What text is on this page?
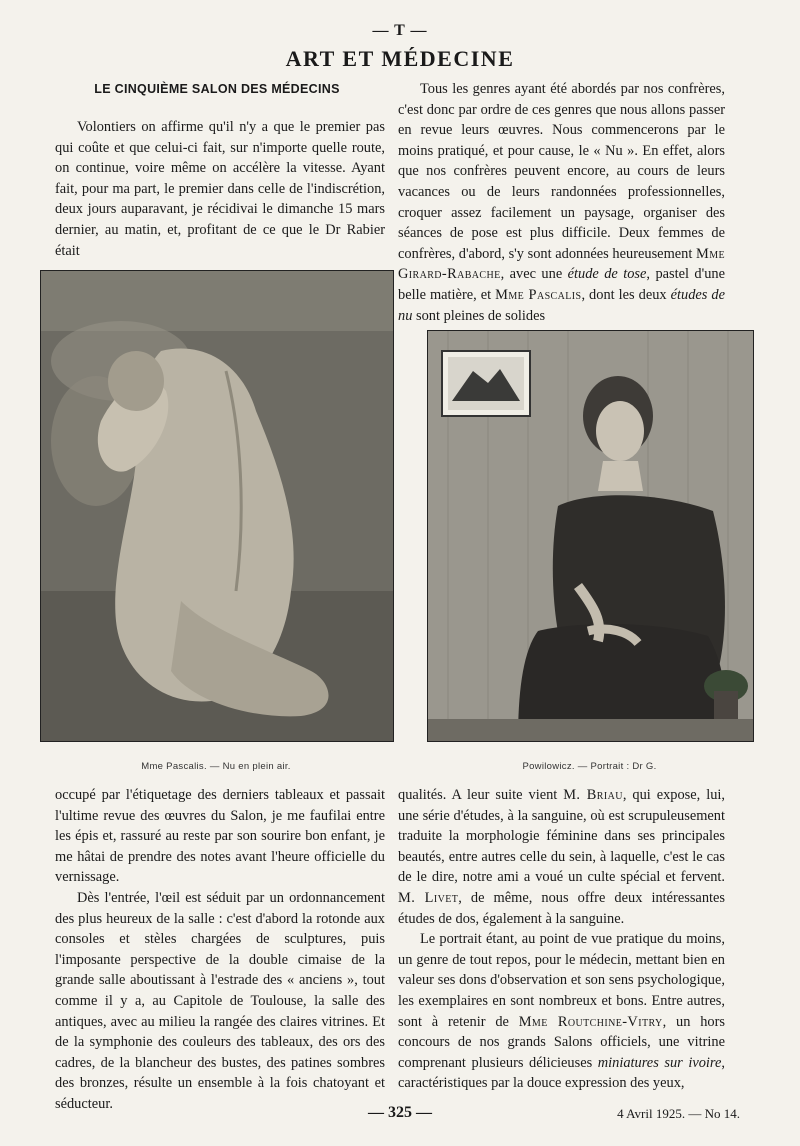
— T —
ART ET MÉDECINE
LE CINQUIÈME SALON DES MÉDECINS

Volontiers on affirme qu'il n'y a que le premier pas qui coûte et que celui-ci fait, sur n'importe quelle route, on continue, voire même on accélère la vitesse. Ayant fait, pour ma part, le premier dans celle de l'indiscrétion, deux jours auparavant, je récidivai le dimanche 15 mars dernier, au matin, et, profitant de ce que le Dr Rabier était

Tous les genres ayant été abordés par nos confrères, c'est donc par ordre de ces genres que nous allons passer en revue leurs œuvres. Nous commencerons par le moins pratiqué, et pour cause, le « Nu ». En effet, alors que nos confrères peuvent encore, au cours de leurs vacances ou de leurs randonnées professionnelles, croquer assez facilement un paysage, organiser des séances de pose est plus difficile. Deux femmes de confrères, d'abord, s'y sont adonnées heureusement Mme Girard-Rabache, avec une étude de tose, pastel d'une belle matière, et Mme Pascalis, dont les deux études de nu sont pleines de solides

Mme Pascalis. — Nu en plein air.	Powilowicz. — Portrait : Dr G.

occupé par l'étiquetage des derniers tableaux et passait l'ultime revue des œuvres du Salon, je me faufilai entre les épis et, rassuré au reste par son sourire bon enfant, je me hâtai de prendre des notes avant l'heure officielle du vernissage.

Dès l'entrée, l'œil est séduit par un ordonnancement des plus heureux de la salle : c'est d'abord la rotonde aux consoles et stèles chargées de sculptures, puis l'imposante perspective de la double cimaise de la grande salle aboutissant à l'estrade des « anciens », tout comme il y a, au Capitole de Toulouse, la salle des antiques, avec au milieu la rangée des claires vitrines. Et de la symphonie des couleurs des tableaux, des ors des cadres, de la blancheur des bustes, des patines sombres des bronzes, résulte un ensemble à la fois chatoyant et séducteur.

qualités. A leur suite vient M. Briau, qui expose, lui, une série d'études, à la sanguine, où est scrupuleusement traduite la morphologie féminine dans ses principales beautés, entre autres celle du sein, à laquelle, c'est le cas de le dire, notre ami a voué un culte spécial et fervent. M. Livet, de même, nous offre deux intéressantes études de dos, également à la sanguine.

Le portrait étant, au point de vue pratique du moins, un genre de tout repos, pour le médecin, mettant bien en valeur ses dons d'observation et son sens psychologique, les exemplaires en sont nombreux et bons. Entre autres, sont à retenir de Mme Routchine-Vitry, un hors concours de nos grands Salons officiels, une vitrine comprenant plusieurs délicieuses miniatures sur ivoire, caractéristiques par la douce expression des yeux,

— 325 —	4 Avril 1925. — No 14.
